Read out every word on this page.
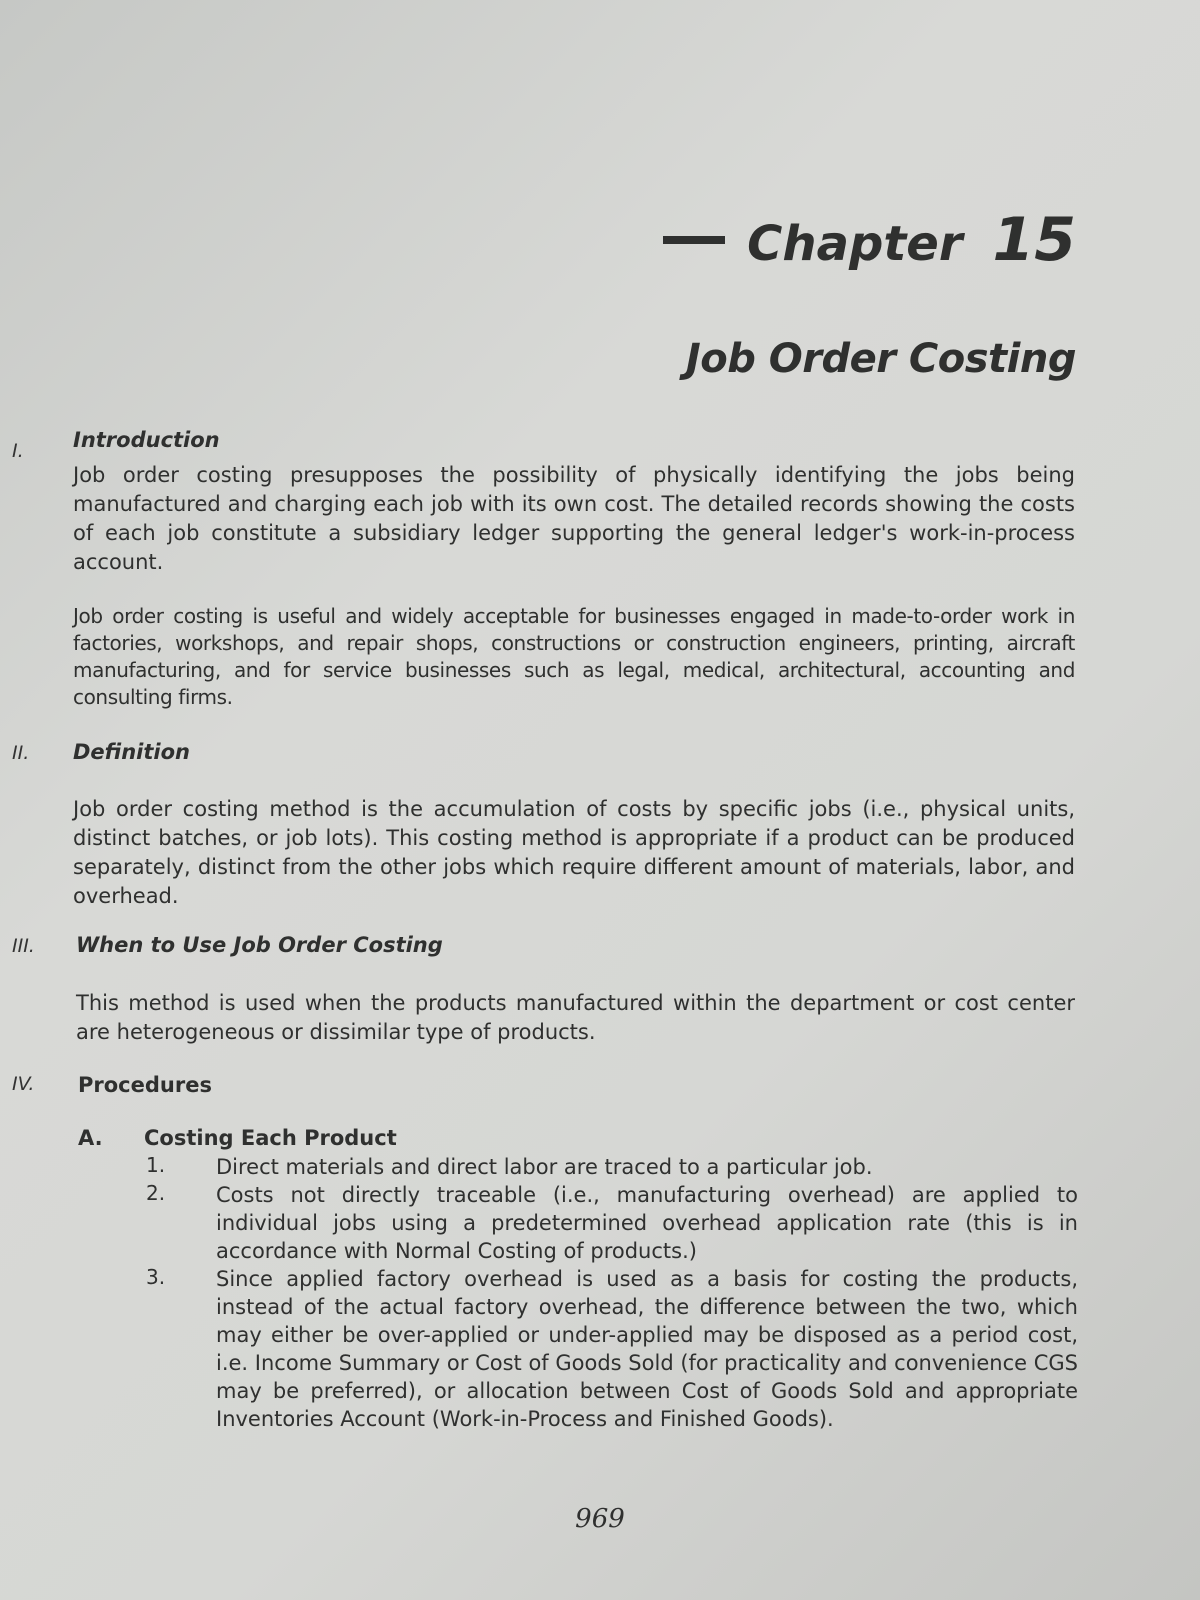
Chapter 15
Job Order Costing
I. Introduction

Job order costing presupposes the possibility of physically identifying the jobs being manufactured and charging each job with its own cost. The detailed records showing the costs of each job constitute a subsidiary ledger supporting the general ledger's work-in-process account.

Job order costing is useful and widely acceptable for businesses engaged in made-to-order work in factories, workshops, and repair shops, constructions or construction engineers, printing, aircraft manufacturing, and for service businesses such as legal, medical, architectural, accounting and consulting firms.

II. Definition

Job order costing method is the accumulation of costs by specific jobs (i.e., physical units, distinct batches, or job lots). This costing method is appropriate if a product can be produced separately, distinct from the other jobs which require different amount of materials, labor, and overhead.

III. When to Use Job Order Costing

This method is used when the products manufactured within the department or cost center are heterogeneous or dissimilar type of products.

IV. Procedures
A. Costing Each Product
1. Direct materials and direct labor are traced to a particular job.

2. Costs not directly traceable (i.e., manufacturing overhead) are applied to individual jobs using a predetermined overhead application rate (this is in accordance with Normal Costing of products.)

3. Since applied factory overhead is used as a basis for costing the products, instead of the actual factory overhead, the difference between the two, which may either be over-applied or under-applied may be disposed as a period cost, i.e. Income Summary or Cost of Goods Sold (for practicality and convenience CGS may be preferred), or allocation between Cost of Goods Sold and appropriate Inventories Account (Work-in-Process and Finished Goods).

969
